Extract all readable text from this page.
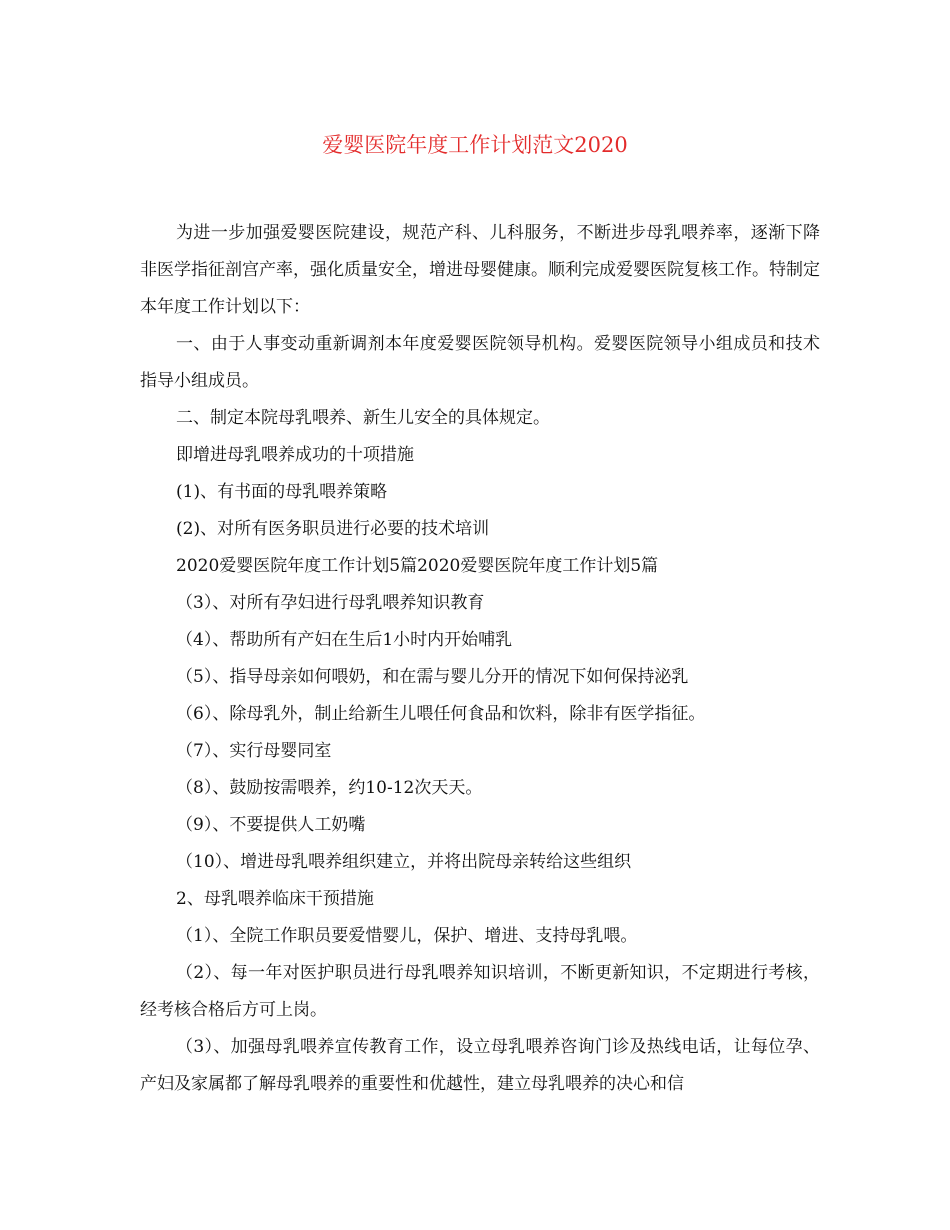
爱婴医院年度工作计划范文2020

为进一步加强爱婴医院建设，规范产科、儿科服务，不断进步母乳喂养率，逐渐下降非医学指征剖宫产率，强化质量安全，增进母婴健康。顺利完成爱婴医院复核工作。特制定本年度工作计划以下：

一、由于人事变动重新调剂本年度爱婴医院领导机构。爱婴医院领导小组成员和技术指导小组成员。

二、制定本院母乳喂养、新生儿安全的具体规定。

即增进母乳喂养成功的十项措施

(1)、有书面的母乳喂养策略

(2)、对所有医务职员进行必要的技术培训

2020爱婴医院年度工作计划5篇2020爱婴医院年度工作计划5篇

（3）、对所有孕妇进行母乳喂养知识教育

（4）、帮助所有产妇在生后1小时内开始哺乳

（5）、指导母亲如何喂奶，和在需与婴儿分开的情况下如何保持泌乳

（6）、除母乳外，制止给新生儿喂任何食品和饮料，除非有医学指征。

（7）、实行母婴同室

（8）、鼓励按需喂养，约10-12次天天。

（9）、不要提供人工奶嘴

（10）、增进母乳喂养组织建立，并将出院母亲转给这些组织

2、母乳喂养临床干预措施

（1）、全院工作职员要爱惜婴儿，保护、增进、支持母乳喂。

（2）、每一年对医护职员进行母乳喂养知识培训，不断更新知识，不定期进行考核，经考核合格后方可上岗。

（3）、加强母乳喂养宣传教育工作，设立母乳喂养咨询门诊及热线电话，让每位孕、产妇及家属都了解母乳喂养的重要性和优越性，建立母乳喂养的决心和信
